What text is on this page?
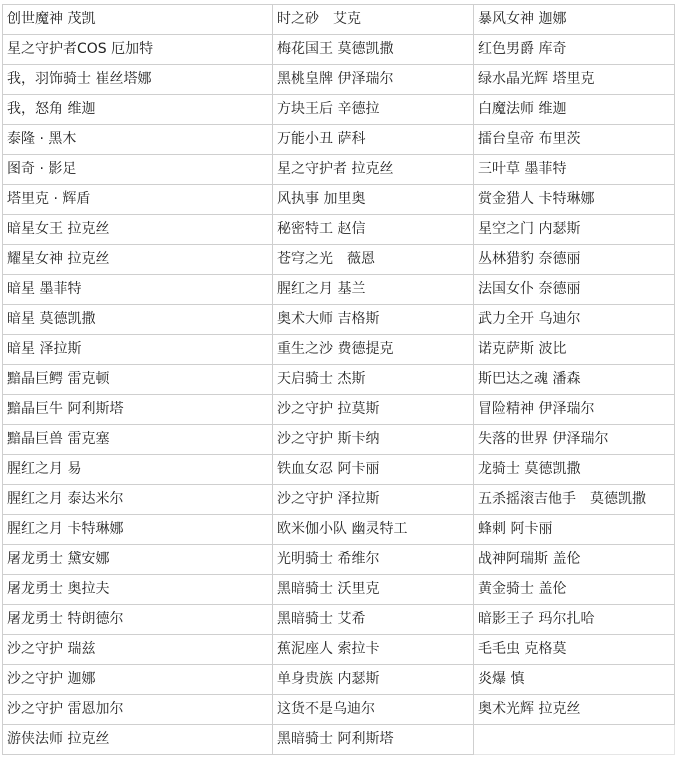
创世魔神 茂凯	时之砂　艾克	暴风女神 迦娜
星之守护者COS 厄加特	梅花国王 莫德凯撒	红色男爵 库奇
我，羽饰骑士 崔丝塔娜	黑桃皇牌 伊泽瑞尔	绿水晶光辉 塔里克
我，怒角 维迦	方块王后 辛德拉	白魔法师 维迦
泰隆 · 黑木	万能小丑 萨科	擂台皇帝 布里茨
图奇 · 影足	星之守护者 拉克丝	三叶草 墨菲特
塔里克 · 辉盾	风执事 加里奥	赏金猎人 卡特琳娜
暗星女王 拉克丝	秘密特工 赵信	星空之门 内瑟斯
耀星女神 拉克丝	苍穹之光　薇恩	丛林猎豹 奈德丽
暗星 墨菲特	腥红之月 基兰	法国女仆 奈德丽
暗星 莫德凯撒	奥术大师 吉格斯	武力全开 乌迪尔
暗星 泽拉斯	重生之沙 费德提克	诺克萨斯 波比
黯晶巨鳄 雷克顿	天启骑士 杰斯	斯巴达之魂 潘森
黯晶巨牛 阿利斯塔	沙之守护 拉莫斯	冒险精神 伊泽瑞尔
黯晶巨兽 雷克塞	沙之守护 斯卡纳	失落的世界 伊泽瑞尔
腥红之月 易	铁血女忍 阿卡丽	龙骑士 莫德凯撒
腥红之月 泰达米尔	沙之守护 泽拉斯	五杀摇滚吉他手　莫德凯撒
腥红之月 卡特琳娜	欧米伽小队 幽灵特工	蜂刺 阿卡丽
屠龙勇士 黛安娜	光明骑士 希维尔	战神阿瑞斯 盖伦
屠龙勇士 奥拉夫	黑暗骑士 沃里克	黄金骑士 盖伦
屠龙勇士 特朗德尔	黑暗骑士 艾希	暗影王子 玛尔扎哈
沙之守护 瑞兹	蕉泥座人 索拉卡	毛毛虫 克格莫
沙之守护 迦娜	单身贵族 内瑟斯	炎爆 慎
沙之守护 雷恩加尔	这货不是乌迪尔	奥术光辉 拉克丝
游侠法师 拉克丝	黑暗骑士 阿利斯塔	
